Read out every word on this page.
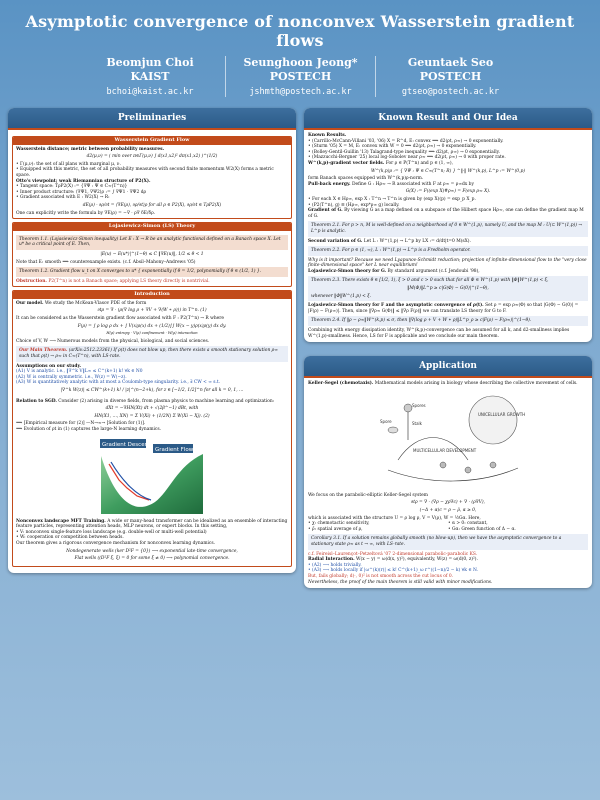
Asymptotic convergence of nonconvex Wasserstein gradient flows
Beomjun Choi
KAIST
bchoi@kaist.ac.kr
Seunghoon Jeong*
POSTECH
jshmth@postech.ac.kr
Geuntaek Seo
POSTECH
gtseo@postech.ac.kr
Preliminaries
Wasserstein Gradient Flow
Wasserstein distance; metric between probability measures.
d2(μ,ν) = ( min over π∈Γ(μ,ν) ∫ d(x1,x2)² dπ(x1,x2) )^(1/2)
• Γ(μ,ν): the set of all plans with marginal μ, ν.
• Equipped with this metric, the set of all probability measures with second finite momentum W2(X) forms a metric space.
Otto's viewpoint; weak Riemannian structure of P2(X).
• Tangent space: TρP2(X) := {∇Ψ : Ψ ∈ C∞(T^n)}
• Inner product structure: ⟨∇Ψ1, ∇Ψ2⟩ρ := ∫ ∇Ψ1 · ∇Ψ2 dρ
• Gradient associated with E : W2(X) → R:
dE(ρ) · ∂ρ/∂t = ⟨∇E(ρ), ∂ρ/∂t⟩ρ for all ρ ∈ P2(X), ∂ρ/∂t ∈ TρP2(X)
One can explicitly write the formula by ∇E(ρ) = −∇ · ρ∇ δE/δρ.
Lojasiewicz-Simon (LS) Theory
Theorem 1.1. (Lojasiewicz-Simon inequality) Let E : X → R be an analytic functional defined on a Banach space X. Let u* be a critical point of E. Then,
|E(u) − E(u*)|^(1−θ) ≤ C ‖∇E(u)‖, 1/2 ≤ θ < 1
Note that E: smooth ⟹ counterexample exists. (c.f. Absil–Mahony–Andrews '05)
Theorem 1.2. Gradient flow u_t on X converges to u* { exponentially if θ = 1/2, polynomially if θ ∈ (1/2, 1) }.
Obstruction. P2(T^n) is not a Banach space; applying LS theory directly is nontrivial.
Introduction
Our model. We study the McKean-Vlasov PDE of the form
∂tρ = ∇ · (ρ(∇ log ρ + ∇V + ∇(W ∗ ρ))) in T^n. (1)
It can be considered as the Wasserstein gradient flow associated with F : P2(T^n) → R where
F(ρ) = ∫ ρ log ρ dx + ∫ V(x)ρ(x) dx + (1/2)∫∫ W(x − y)ρ(x)ρ(y) dx dy.
H(ρ) entropy · V(ρ) confinement · W(ρ) interaction
Choice of V, W ⟶ Numerous models from the physical, biological, and social sciences.
Our Main Theorem. (arXiv:2512.23361) If ρ(t) does not blow up, then there exists a smooth stationary solution ρ∞ such that ρ(t) → ρ∞ in C∞(T^n), with LS-rate.
Assumptions on our study.
(A1) V is analytic. i.e., ‖∇^k V‖L∞ ≤ C^(k+1) k! ∀k ∈ N0
(A2) W is centrally symmetric. i.e., W(z) = W(−z).
(A3) W is quantitatively analytic with at most a Coulomb-type singularity. i.e., ∃ CW < ∞ s.t.
|∇^k W(z)| ≤ CW^(k+1) k! / |z|^(n−2+k), for z ∈ [−1/2, 1/2]^n for all k = 0, 1, …
Relation to SGD. Consider (2) arising in diverse fields, from plasma physics to machine learning and optimization:
dXt = −∇HN(Xt) dt + √(2β^−1) dBt, with
HN(X1, …, XN) = Σ V(Xi) + (1/2N) Σ W(Xi − Xj). (2)
⟹ [Empirical measure for (2)] —N→∞→ [Solution for (1)].
⟹ Evolution of ρt in (1) captures the large-N learning dynamics.
Gradient Descent
Gradient Flow
Nonconvex landscape MFT Training. A wide or many-head transformer can be idealized as an ensemble of interacting feature particles, representing attention heads, MLP neurons, or expert blocks. In this setting,
• V: nonconvex single-feature loss landscape (e.g. double-well or multi-well potential)
• W: cooperation or competition between heads.
Our theorem gives a rigorous convergence mechanism for nonconvex learning dynamics.
Nondegenerate wells (ker D²F = {0}) ⟶ exponential late-time convergence,
Flat wells ((D²F ξ, ξ) = 0 for some ξ ≠ 0) ⟶ polynomial convergence.
Known Result and Our Idea
Known Results.
• (Carrillo-McCann-Villani '03, '06) X = R^d, E: convex ⟹ d2(ρt, ρ∞) → 0 exponentially.
• (Sturm '05) X = M, E: convex with W = 0 ⟹ d2(ρt, ρ∞) → 0 exponentially.
• (Bolley-Gentil-Guillin '13) Talagrand-type inequality ⟹ d2(ρt, ρ∞) → 0 exponentially.
• (Mazzucchi-Bergner '25) local log-Sobolev near ρ∞ ⟹ d2(ρt, ρ∞) → 0 with proper rate.
W^(k,p)-gradient vector fields. For ρ ∈ P(T^n) and p ∈ (1, ∞),
W^(k,p)ρ := { ∇Ψ : Ψ ∈ C∞(T^n; R) } ^‖·‖ W^(k,p), L^p := W^(0,p)
form Banach spaces equipped with W^(k,p)ρ-norm.
Pull-back energy. Define G : Hρ∞ → R associated with F at ρ∞ = ρ∞dx by
G(X) := F((exp X)#ρ∞) = F(exp ρ∞ X).
• For each X ∈ Hρ∞, exp X : T^n → T^n is given by (exp X)(p) = exp_p X_p.
• (P2(T^n), g) ≅ (Hρ∞, exp*ρ∞ g) locally.
Gradient of G. By viewing G as a map defined on a subspace of the Hilbert space Hρ∞, one can define the gradient map M of G.
Theorem 2.1. For p > n, M is well-defined on a neighborhood of 0 ∈ W^(1,p), namely U, and the map M : U(⊂ W^(1,p)) → L^p is analytic.
Second variation of G. Let L : W^(1,p) → L^p by LX := d/dt|t=0 M(sX).
Theorem 2.2. For p ∈ (1, ∞), L : W^(1,p) → L^p is a Fredholm operator.
Why is it important? Because we need Lyapunov-Schmidt reduction; projection of infinite-dimensional flow to the "very close finite-dimensional space" ker L near equilibrium!
Lojasiewicz-Simon theory for G. By standard argument (c.f. Jendoubi '98),
Theorem 2.3. There exists θ ∈ [1/2, 1), ξ > 0 and c > 0 such that for all Φ ∈ W^(1,p) with ‖Φ‖W^(1,p) < ξ,
‖M(Φ)‖L^p ≥ c|G(Φ) − G(0)|^(1−θ),
whenever ‖Φ‖W^(1,p) < ξ.
Lojasiewicz-Simon theory for F and the asymptotic convergence of ρ(t). Set ρ = exp ρ∞(Φ) so that |G(Φ) − G(0)| = |F(ρ) − F(ρ∞)|. Then, since ‖∇ρ∞ G(Φ)‖ ≤ ‖∇ρ F(ρ)‖ we can translate LS theory for G to F.
Theorem 2.4. If ‖ρ − ρ∞‖W^(k,p) ≤ σ, then ‖∇(log ρ + V + W ∗ ρ)‖L^p_ρ ≥ c|F(ρ) − F(ρ∞)|^(1−θ).
Combining with energy dissipation identity, W^(k,p)-convergence can be assumed for all k, and d2-smallness implies W^(1,p)-smallness. Hence, LS for F is applicable and we conclude our main theorem.
Application
Keller-Segel (chemotaxis). Mathematical models arising in biology whose describing the collective movement of cells.
UNICELLULAR GROWTH
MULTICELLULAR DEVELOPMENT
Spore	Stalk
Spores
We focus on the parabolic-elliptic Keller-Segel system
∂tρ = ∇ · (∇ρ − χρ∇c) + ∇ · (ρ∇V),
(−Δ + α)c = ρ − ρ̄, α ≥ 0,
which is associated with the structure U = ρ log ρ, V = V(ρ), W = ½Gα. Here,
• χ: chemotactic sensitivity,	• α > 0: constant,
• ρ̄: spatial average of ρ,	• Gα: Green function of Δ − α.
Corollary 3.1. If a solution remains globally smooth (no blow-up), then we have the asymptotic convergence to a stationary state ρ∞ as t → ∞, with LS-rate.
c.f. Feireisl–Laurençot–Petzeltová '07 2-dimensional parabolic-parabolic KS.
Radial Interaction. W(x − y) = ω(d(x, y)²), equivalently, W(z) = ω(d(0, z)²).
• (A2) ⟶ holds trivially.
• (A3) ⟶ holds locally if |ω^(k)(r)| ≤ k! C^(k+1)_ω r^((1−n)/2 − k) ∀k ∈ N.
But, fails globally; d(·, 0)² is not smooth across the cut locus of 0.
Nevertheless, the proof of the main theorem is still valid with minor modifications.
